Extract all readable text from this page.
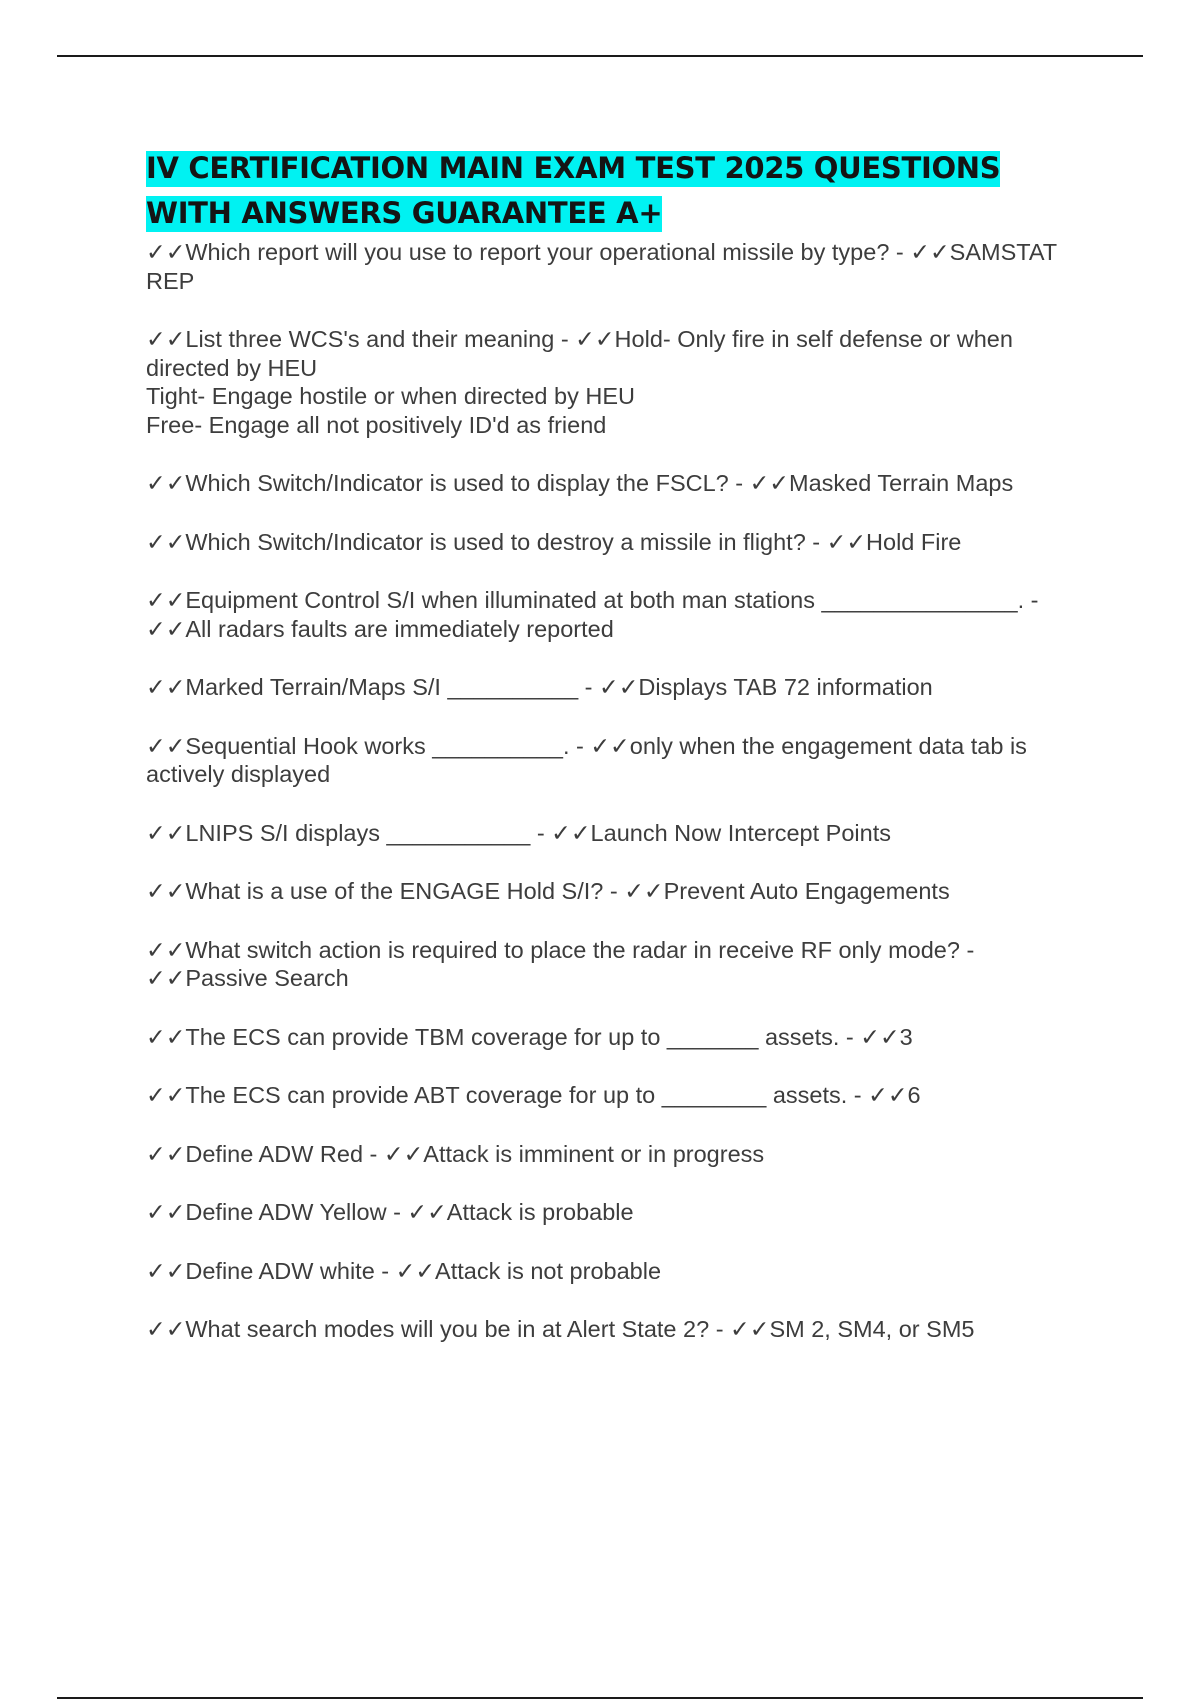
IV CERTIFICATION MAIN EXAM TEST 2025 QUESTIONS
WITH ANSWERS GUARANTEE A+
✓✓Which report will you use to report your operational missile by type? - ✓✓SAMSTAT
REP
✓✓List three WCS's and their meaning - ✓✓Hold- Only fire in self defense or when
directed by HEU
Tight- Engage hostile or when directed by HEU
Free- Engage all not positively ID'd as friend
✓✓Which Switch/Indicator is used to display the FSCL? - ✓✓Masked Terrain Maps
✓✓Which Switch/Indicator is used to destroy a missile in flight? - ✓✓Hold Fire
✓✓Equipment Control S/I when illuminated at both man stations _______________. -
✓✓All radars faults are immediately reported
✓✓Marked Terrain/Maps S/I __________ - ✓✓Displays TAB 72 information
✓✓Sequential Hook works __________. - ✓✓only when the engagement data tab is
actively displayed
✓✓LNIPS S/I displays ___________ - ✓✓Launch Now Intercept Points
✓✓What is a use of the ENGAGE Hold S/I? - ✓✓Prevent Auto Engagements
✓✓What switch action is required to place the radar in receive RF only mode? -
✓✓Passive Search
✓✓The ECS can provide TBM coverage for up to _______ assets. - ✓✓3
✓✓The ECS can provide ABT coverage for up to ________ assets. - ✓✓6
✓✓Define ADW Red - ✓✓Attack is imminent or in progress
✓✓Define ADW Yellow - ✓✓Attack is probable
✓✓Define ADW white - ✓✓Attack is not probable
✓✓What search modes will you be in at Alert State 2? - ✓✓SM 2, SM4, or SM5
